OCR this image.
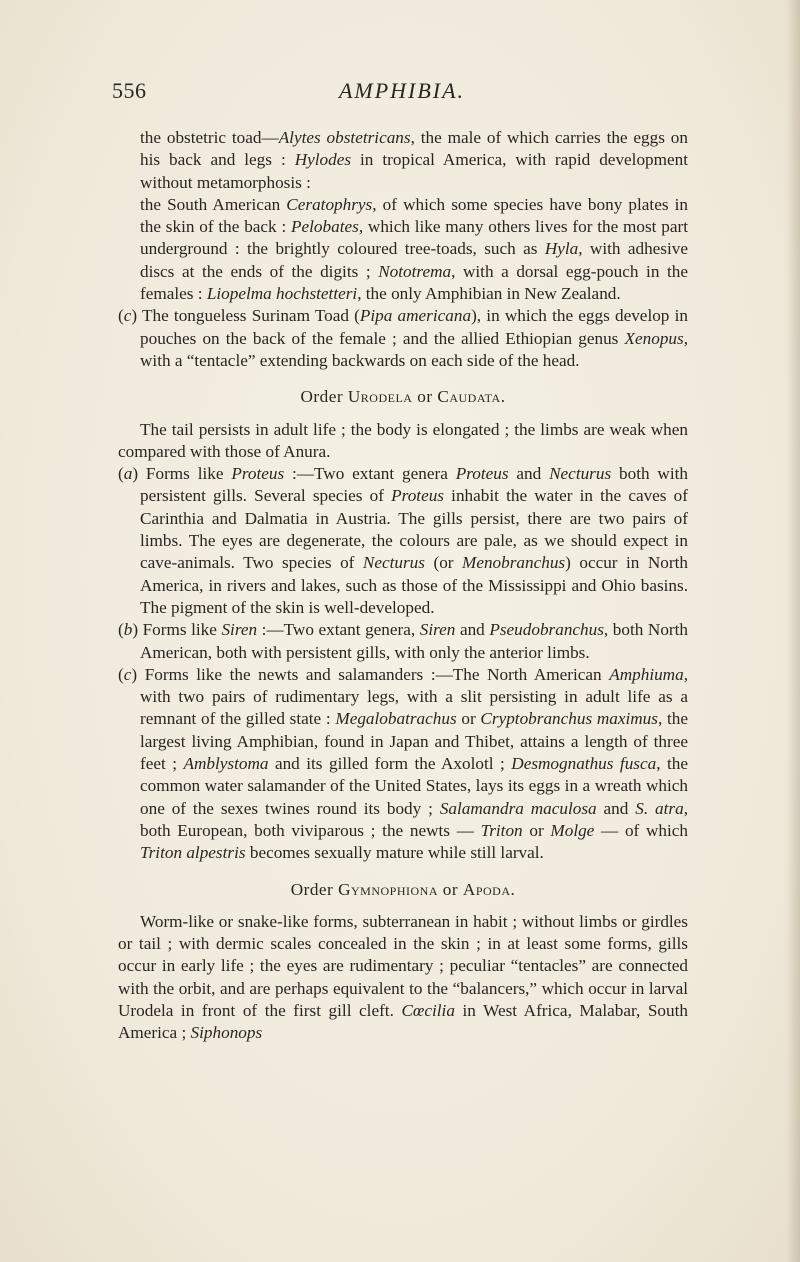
556	AMPHIBIA.

the obstetric toad—Alytes obstetricans, the male of which carries the eggs on his back and legs : Hylodes in tropical America, with rapid development without metamorphosis :

the South American Ceratophrys, of which some species have bony plates in the skin of the back : Pelobates, which like many others lives for the most part underground : the brightly coloured tree-toads, such as Hyla, with adhesive discs at the ends of the digits ; Nototrema, with a dorsal egg-pouch in the females : Liopelma hochstetteri, the only Amphibian in New Zealand.

(c) The tongueless Surinam Toad (Pipa americana), in which the eggs develop in pouches on the back of the female ; and the allied Ethiopian genus Xenopus, with a “tentacle” extending backwards on each side of the head.

Order Urodela or Caudata.

The tail persists in adult life ; the body is elongated ; the limbs are weak when compared with those of Anura.

(a) Forms like Proteus :—Two extant genera Proteus and Necturus both with persistent gills. Several species of Proteus inhabit the water in the caves of Carinthia and Dalmatia in Austria. The gills persist, there are two pairs of limbs. The eyes are degenerate, the colours are pale, as we should expect in cave-animals. Two species of Necturus (or Menobranchus) occur in North America, in rivers and lakes, such as those of the Mississippi and Ohio basins. The pigment of the skin is well-developed.

(b) Forms like Siren :—Two extant genera, Siren and Pseudobranchus, both North American, both with persistent gills, with only the anterior limbs.

(c) Forms like the newts and salamanders :—The North American Amphiuma, with two pairs of rudimentary legs, with a slit persisting in adult life as a remnant of the gilled state : Megalobatrachus or Cryptobranchus maximus, the largest living Amphibian, found in Japan and Thibet, attains a length of three feet ; Amblystoma and its gilled form the Axolotl ; Desmognathus fusca, the common water salamander of the United States, lays its eggs in a wreath which one of the sexes twines round its body ; Salamandra maculosa and S. atra, both European, both viviparous ; the newts — Triton or Molge — of which Triton alpestris becomes sexually mature while still larval.

Order Gymnophiona or Apoda.

Worm-like or snake-like forms, subterranean in habit ; without limbs or girdles or tail ; with dermic scales concealed in the skin ; in at least some forms, gills occur in early life ; the eyes are rudimentary ; peculiar “tentacles” are connected with the orbit, and are perhaps equivalent to the “balancers,” which occur in larval Urodela in front of the first gill cleft. Cœcilia in West Africa, Malabar, South America ; Siphonops
